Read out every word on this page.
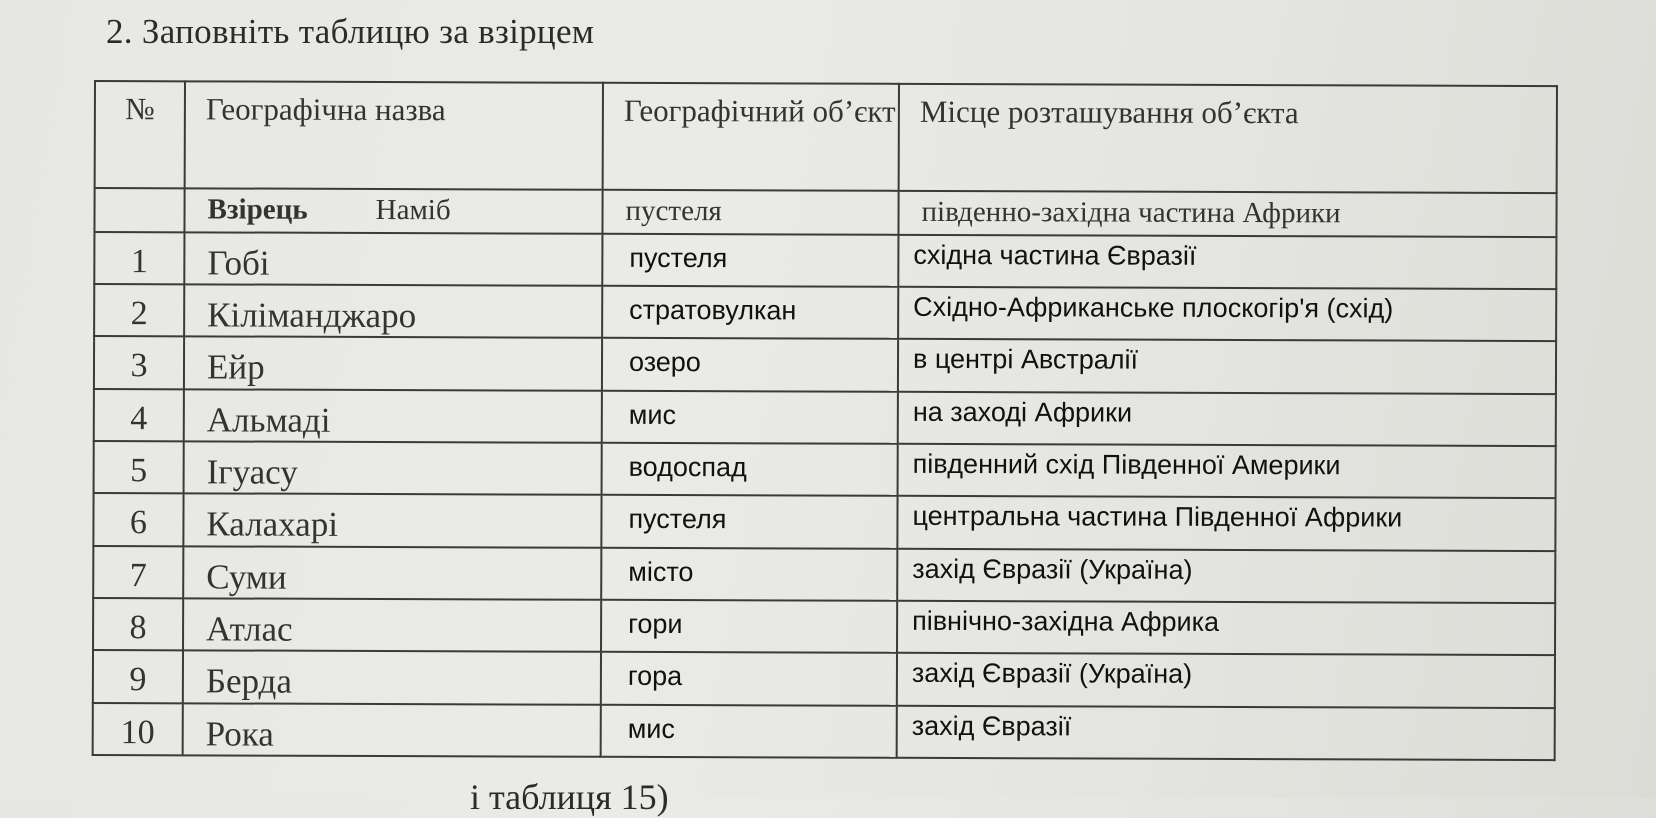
2. Заповніть таблицю за взірцем
№	Географічна назва	Географічний об’єкт	Місце розташування об’єкта

	Взірець Наміб	пустеля	південно-західна частина Африки

1	Гобі	пустеля	східна частина Євразії

2	Кіліманджаро	стратовулкан	Східно-Африканське плоскогір'я (схід)

3	Ейр	озеро	в центрі Австралії

4	Альмаді	мис	на заході Африки

5	Ігуасу	водоспад	південний схід Південної Америки

6	Калахарі	пустеля	центральна частина Південної Африки

7	Суми	місто	захід Євразії (Україна)

8	Атлас	гори	північно-західна Африка

9	Берда	гора	захід Євразії (Україна)

10	Рока	мис	захід Євразії
і таблиця 15)
